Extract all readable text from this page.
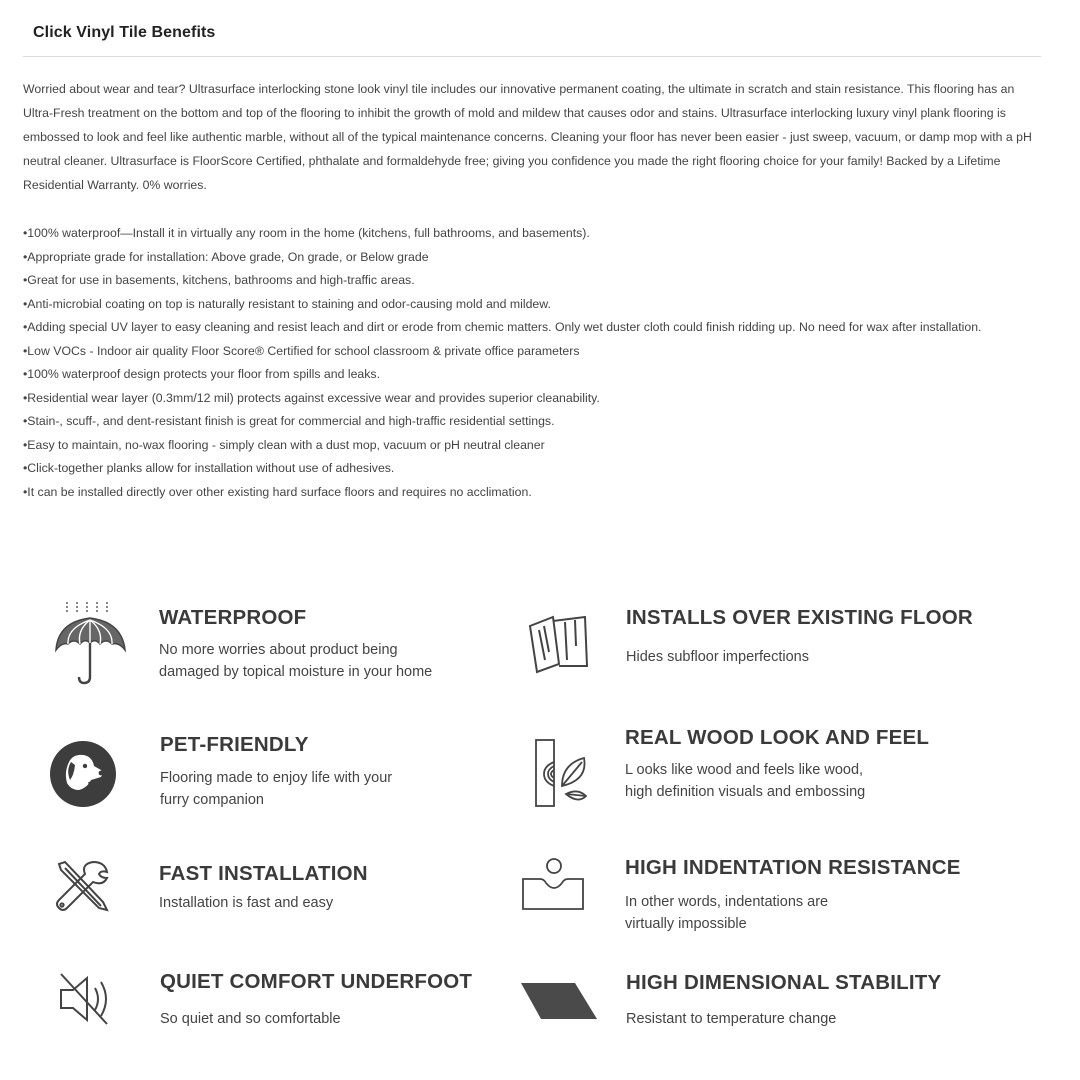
Click Vinyl Tile Benefits

Worried about wear and tear? Ultrasurface interlocking stone look vinyl tile includes our innovative permanent coating, the ultimate in scratch and stain resistance. This flooring has an Ultra-Fresh treatment on the bottom and top of the flooring to inhibit the growth of mold and mildew that causes odor and stains. Ultrasurface interlocking luxury vinyl plank flooring is embossed to look and feel like authentic marble, without all of the typical maintenance concerns. Cleaning your floor has never been easier - just sweep, vacuum, or damp mop with a pH neutral cleaner. Ultrasurface is FloorScore Certified, phthalate and formaldehyde free; giving you confidence you made the right flooring choice for your family! Backed by a Lifetime Residential Warranty. 0% worries.

•100% waterproof—Install it in virtually any room in the home (kitchens, full bathrooms, and basements).
•Appropriate grade for installation: Above grade, On grade, or Below grade
•Great for use in basements, kitchens, bathrooms and high-traffic areas.
•Anti-microbial coating on top is naturally resistant to staining and odor-causing mold and mildew.
•Adding special UV layer to easy cleaning and resist leach and dirt or erode from chemic matters. Only wet duster cloth could finish ridding up. No need for wax after installation.
•Low VOCs - Indoor air quality Floor Score® Certified for school classroom & private office parameters
•100% waterproof design protects your floor from spills and leaks.
•Residential wear layer (0.3mm/12 mil) protects against excessive wear and provides superior cleanability.
•Stain-, scuff-, and dent-resistant finish is great for commercial and high-traffic residential settings.
•Easy to maintain, no-wax flooring - simply clean with a dust mop, vacuum or pH neutral cleaner
•Click-together planks allow for installation without use of adhesives.
•It can be installed directly over other existing hard surface floors and requires no acclimation.
WATERPROOF
No more worries about product being
damaged by topical moisture in your home
INSTALLS OVER EXISTING FLOOR
Hides subfloor imperfections
PET-FRIENDLY
Flooring made to enjoy life with your
furry companion
REAL WOOD LOOK AND FEEL
L ooks like wood and feels like wood,
high definition visuals and embossing
FAST INSTALLATION
Installation is fast and easy
HIGH INDENTATION RESISTANCE
In other words, indentations are
virtually impossible
QUIET COMFORT UNDERFOOT
So quiet and so comfortable
HIGH DIMENSIONAL STABILITY
Resistant to temperature change
